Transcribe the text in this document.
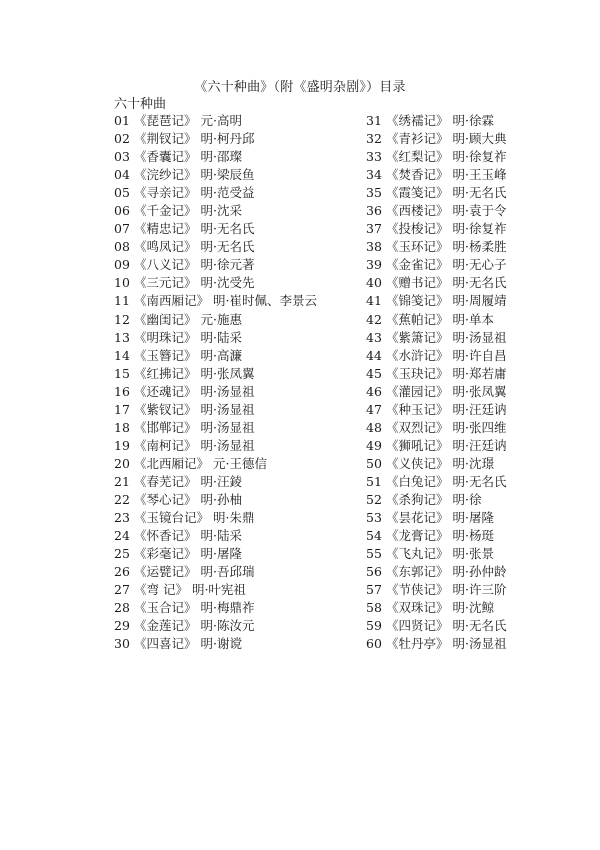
《六十种曲》（附《盛明杂剧》）目录
六十种曲
01 《琵琶记》 元·高明
02 《荆钗记》 明·柯丹邱
03 《香囊记》 明·邵璨
04 《浣纱记》 明·梁辰鱼
05 《寻亲记》 明·范受益
06 《千金记》 明·沈采
07 《精忠记》 明·无名氏
08 《鸣凤记》 明·无名氏
09 《八义记》 明·徐元著
10 《三元记》 明·沈受先
11 《南西厢记》 明·崔时佩、李景云
12 《幽闺记》 元·施惠
13 《明珠记》 明·陆采
14 《玉簪记》 明·高濂
15 《红拂记》 明·张凤翼
16 《还魂记》 明·汤显祖
17 《紫钗记》 明·汤显祖
18 《邯郸记》 明·汤显祖
19 《南柯记》 明·汤显祖
20 《北西厢记》 元·王德信
21 《春芜记》 明·汪錂
22 《琴心记》 明·孙柚
23 《玉镜台记》 明·朱鼎
24 《怀香记》 明·陆采
25 《彩毫记》 明·屠隆
26 《运甓记》 明·吾邱瑞
27 《弯 记》 明·叶宪祖
28 《玉合记》 明·梅鼎祚
29 《金莲记》 明·陈汝元
30 《四喜记》 明·谢谠
31 《绣襦记》 明·徐霖
32 《青衫记》 明·顾大典
33 《红梨记》 明·徐复祚
34 《焚香记》 明·王玉峰
35 《霞笺记》 明·无名氏
36 《西楼记》 明·袁于令
37 《投梭记》 明·徐复祚
38 《玉环记》 明·杨柔胜
39 《金雀记》 明·无心子
40 《赠书记》 明·无名氏
41 《锦笺记》 明·周履靖
42 《蕉帕记》 明·单本
43 《紫箫记》 明·汤显祖
44 《水浒记》 明·许自昌
45 《玉玦记》 明·郑若庸
46 《灌园记》 明·张凤翼
47 《种玉记》 明·汪廷讷
48 《双烈记》 明·张四维
49 《狮吼记》 明·汪廷讷
50 《义侠记》 明·沈璟
51 《白兔记》 明·无名氏
52 《杀狗记》 明·徐
53 《昙花记》 明·屠隆
54 《龙膏记》 明·杨珽
55 《飞丸记》 明·张景
56 《东郭记》 明·孙仲龄
57 《节侠记》 明·许三阶
58 《双珠记》 明·沈鲸
59 《四贤记》 明·无名氏
60 《牡丹亭》 明·汤显祖
